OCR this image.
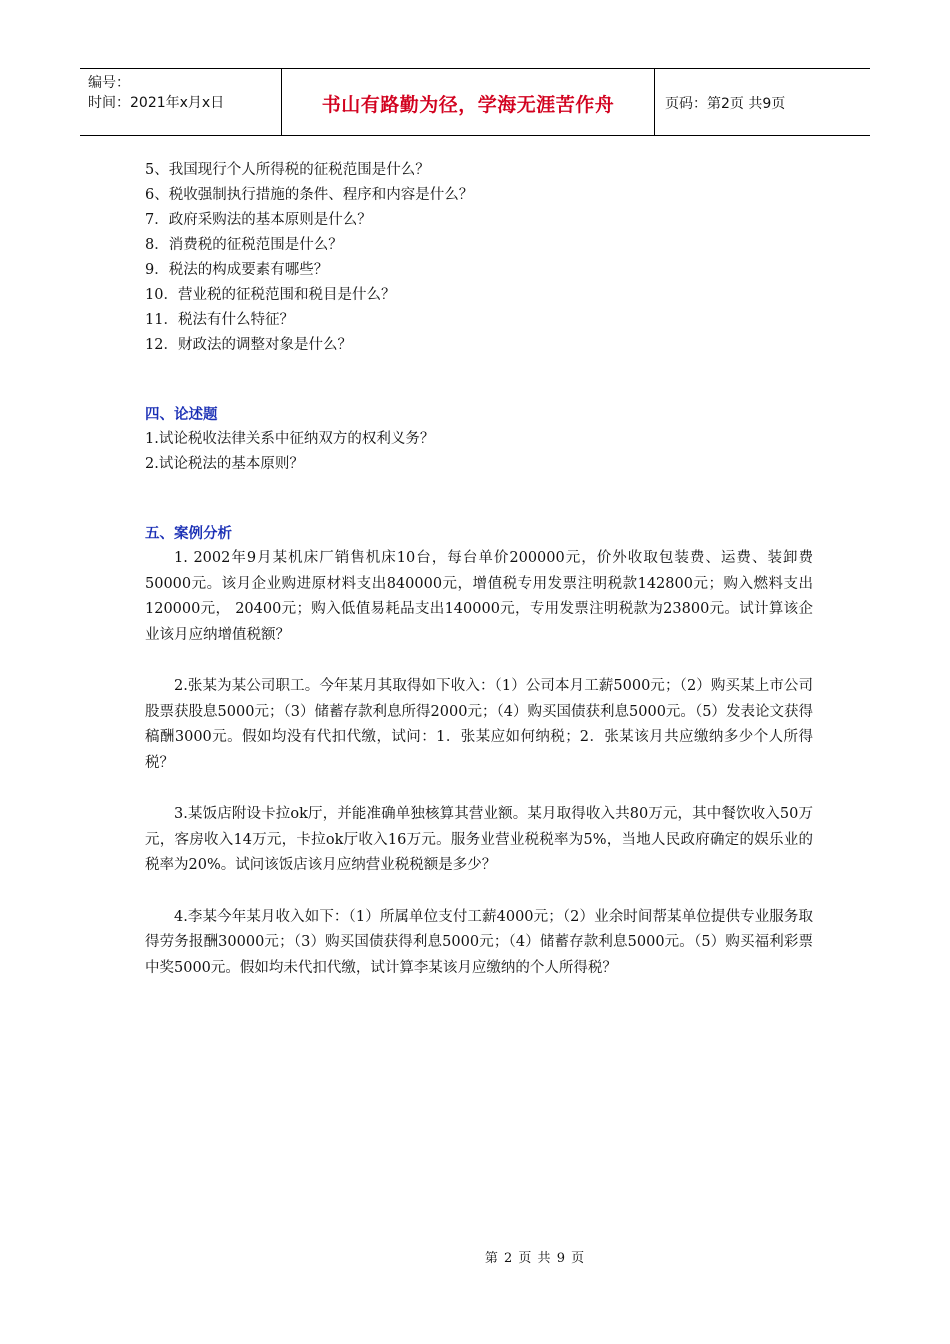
编号：
时间：2021年x月x日	书山有路勤为径，学海无涯苦作舟	页码：第2页 共9页
5、我国现行个人所得税的征税范围是什么？
6、税收强制执行措施的条件、程序和内容是什么？
7．政府采购法的基本原则是什么？
8．消费税的征税范围是什么？
9．税法的构成要素有哪些？
10．营业税的征税范围和税目是什么？
11．税法有什么特征？
12．财政法的调整对象是什么？
四、论述题
1.试论税收法律关系中征纳双方的权利义务？
2.试论税法的基本原则？
五、案例分析

1. 2002年9月某机床厂销售机床10台，每台单价200000元，价外收取包装费、运费、装卸费50000元。该月企业购进原材料支出840000元，增值税专用发票注明税款142800元；购入燃料支出120000元， 20400元；购入低值易耗品支出140000元，专用发票注明税款为23800元。试计算该企业该月应纳增值税额？

2.张某为某公司职工。今年某月其取得如下收入：（1）公司本月工薪5000元；（2）购买某上市公司股票获股息5000元；（3）储蓄存款利息所得2000元；（4）购买国债获利息5000元。（5）发表论文获得稿酬3000元。假如均没有代扣代缴，试问：1．张某应如何纳税；2．张某该月共应缴纳多少个人所得税？

3.某饭店附设卡拉ok厅，并能准确单独核算其营业额。某月取得收入共80万元，其中餐饮收入50万元，客房收入14万元，卡拉ok厅收入16万元。服务业营业税税率为5%，当地人民政府确定的娱乐业的税率为20%。试问该饭店该月应纳营业税税额是多少？

4.李某今年某月收入如下：（1）所属单位支付工薪4000元；（2）业余时间帮某单位提供专业服务取得劳务报酬30000元；（3）购买国债获得利息5000元；（4）储蓄存款利息5000元。（5）购买福利彩票中奖5000元。假如均未代扣代缴，试计算李某该月应缴纳的个人所得税？

第 2 页 共 9 页
